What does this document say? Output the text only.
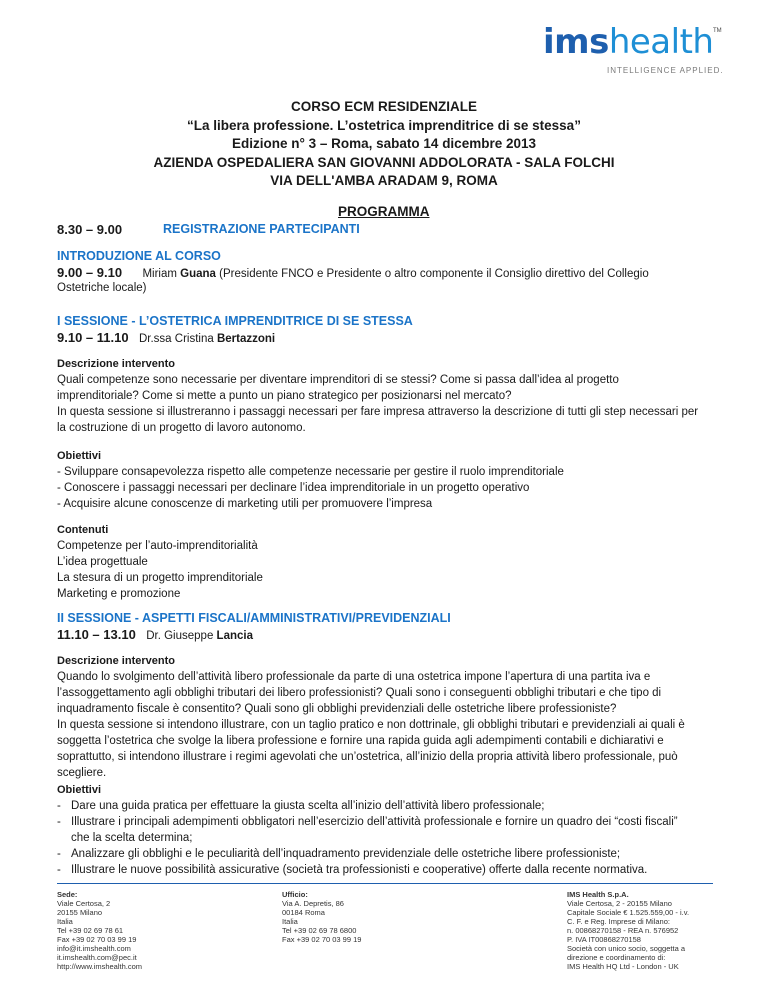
imshealth TM
INTELLIGENCE APPLIED.
CORSO ECM RESIDENZIALE
“La libera professione. L’ostetrica imprenditrice di se stessa”
Edizione n° 3 – Roma, sabato 14 dicembre 2013
AZIENDA OSPEDALIERA SAN GIOVANNI ADDOLORATA - SALA FOLCHI
VIA DELL'AMBA ARADAM 9, ROMA
PROGRAMMA
8.30 – 9.00	REGISTRAZIONE PARTECIPANTI
INTRODUZIONE AL CORSO
9.00 – 9.10 Miriam Guana (Presidente FNCO e Presidente o altro componente il Consiglio direttivo del Collegio
Ostetriche locale)
I SESSIONE - L’OSTETRICA IMPRENDITRICE DI SE STESSA
9.10 – 11.10 Dr.ssa Cristina Bertazzoni
Descrizione intervento
Quali competenze sono necessarie per diventare imprenditori di se stessi? Come si passa dall’idea al progetto
imprenditoriale? Come si mette a punto un piano strategico per posizionarsi nel mercato?
In questa sessione si illustreranno i passaggi necessari per fare impresa attraverso la descrizione di tutti gli step necessari per
la costruzione di un progetto di lavoro autonomo.
Obiettivi
- Sviluppare consapevolezza rispetto alle competenze necessarie per gestire il ruolo imprenditoriale
- Conoscere i passaggi necessari per declinare l’idea imprenditoriale in un progetto operativo
- Acquisire alcune conoscenze di marketing utili per promuovere l’impresa
Contenuti
Competenze per l’auto-imprenditorialità
L’idea progettuale
La stesura di un progetto imprenditoriale
Marketing e promozione
II SESSIONE - ASPETTI FISCALI/AMMINISTRATIVI/PREVIDENZIALI
11.10 – 13.10 Dr. Giuseppe Lancia
Descrizione intervento
Quando lo svolgimento dell’attività libero professionale da parte di una ostetrica impone l’apertura di una partita iva e
l’assoggettamento agli obblighi tributari dei libero professionisti? Quali sono i conseguenti obblighi tributari e che tipo di
inquadramento fiscale è consentito? Quali sono gli obblighi previdenziali delle ostetriche libere professioniste?
In questa sessione si intendono illustrare, con un taglio pratico e non dottrinale, gli obblighi tributari e previdenziali ai quali è
soggetta l’ostetrica che svolge la libera professione e fornire una rapida guida agli adempimenti contabili e dichiarativi e
soprattutto, si intendono illustrare i regimi agevolati che un’ostetrica, all’inizio della propria attività libero professionale, può
scegliere.
Obiettivi
- Dare una guida pratica per effettuare la giusta scelta all’inizio dell’attività libero professionale;
- Illustrare i principali adempimenti obbligatori nell’esercizio dell’attività professionale e fornire un quadro dei “costi fiscali”
che la scelta determina;
- Analizzare gli obblighi e le peculiarità dell’inquadramento previdenziale delle ostetriche libere professioniste;
- Illustrare le nuove possibilità assicurative (società tra professionisti e cooperative) offerte dalla recente normativa.
Sede:
Viale Certosa, 2
20155 Milano
Italia
Tel +39 02 69 78 61
Fax +39 02 70 03 99 19
info@it.imshealth.com
it.imshealth.com@pec.it
http://www.imshealth.com
Ufficio:
Via A. Depretis, 86
00184 Roma
Italia
Tel +39 02 69 78 6800
Fax +39 02 70 03 99 19
IMS Health S.p.A.
Viale Certosa, 2 - 20155 Milano
Capitale Sociale € 1.525.559,00 - i.v.
C. F. e Reg. Imprese di Milano:
n. 00868270158 - REA n. 576952
P. IVA IT00868270158
Società con unico socio, soggetta a
direzione e coordinamento di:
IMS Health HQ Ltd - London - UK
